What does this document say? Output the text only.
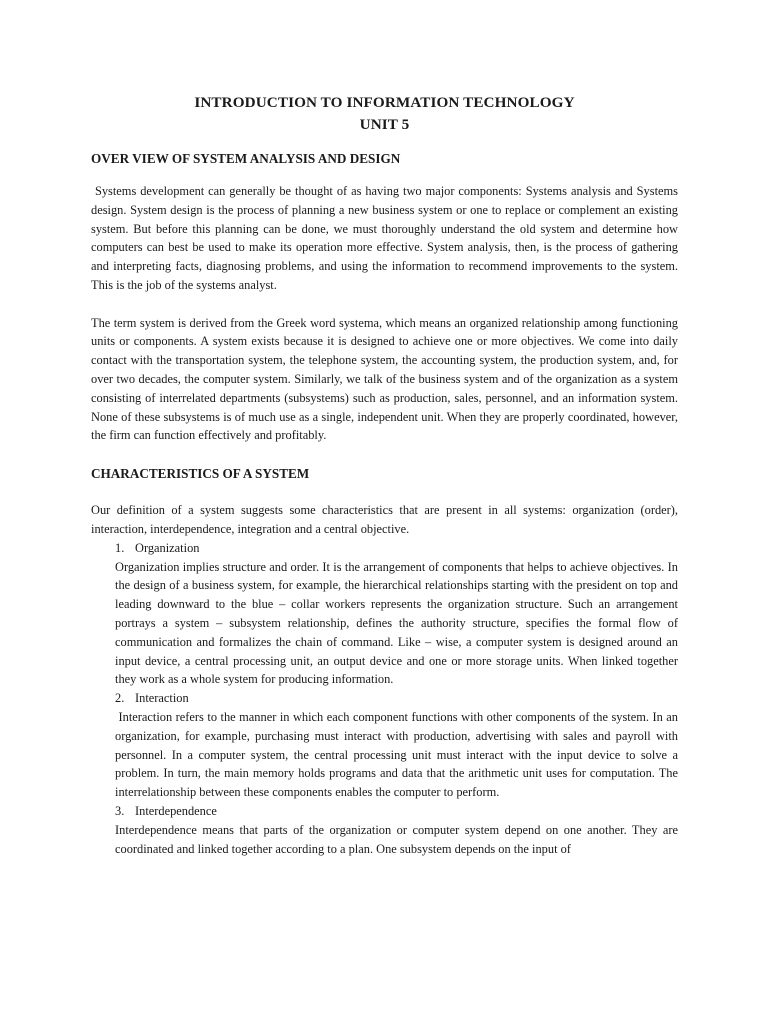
INTRODUCTION TO INFORMATION TECHNOLOGY

UNIT 5

OVER VIEW OF SYSTEM ANALYSIS AND DESIGN

Systems development can generally be thought of as having two major components: Systems analysis and Systems design. System design is the process of planning a new business system or one to replace or complement an existing system. But before this planning can be done, we must thoroughly understand the old system and determine how computers can best be used to make its operation more effective. System analysis, then, is the process of gathering and interpreting facts, diagnosing problems, and using the information to recommend improvements to the system. This is the job of the systems analyst.

The term system is derived from the Greek word systema, which means an organized relationship among functioning units or components. A system exists because it is designed to achieve one or more objectives. We come into daily contact with the transportation system, the telephone system, the accounting system, the production system, and, for over two decades, the computer system. Similarly, we talk of the business system and of the organization as a system consisting of interrelated departments (subsystems) such as production, sales, personnel, and an information system. None of these subsystems is of much use as a single, independent unit. When they are properly coordinated, however, the firm can function effectively and profitably.

CHARACTERISTICS OF A SYSTEM

Our definition of a system suggests some characteristics that are present in all systems: organization (order), interaction, interdependence, integration and a central objective.

1. Organization

Organization implies structure and order. It is the arrangement of components that helps to achieve objectives. In the design of a business system, for example, the hierarchical relationships starting with the president on top and leading downward to the blue – collar workers represents the organization structure. Such an arrangement portrays a system – subsystem relationship, defines the authority structure, specifies the formal flow of communication and formalizes the chain of command. Like – wise, a computer system is designed around an input device, a central processing unit, an output device and one or more storage units. When linked together they work as a whole system for producing information.

2. Interaction

Interaction refers to the manner in which each component functions with other components of the system. In an organization, for example, purchasing must interact with production, advertising with sales and payroll with personnel. In a computer system, the central processing unit must interact with the input device to solve a problem. In turn, the main memory holds programs and data that the arithmetic unit uses for computation. The interrelationship between these components enables the computer to perform.

3. Interdependence

Interdependence means that parts of the organization or computer system depend on one another. They are coordinated and linked together according to a plan. One subsystem depends on the input of
